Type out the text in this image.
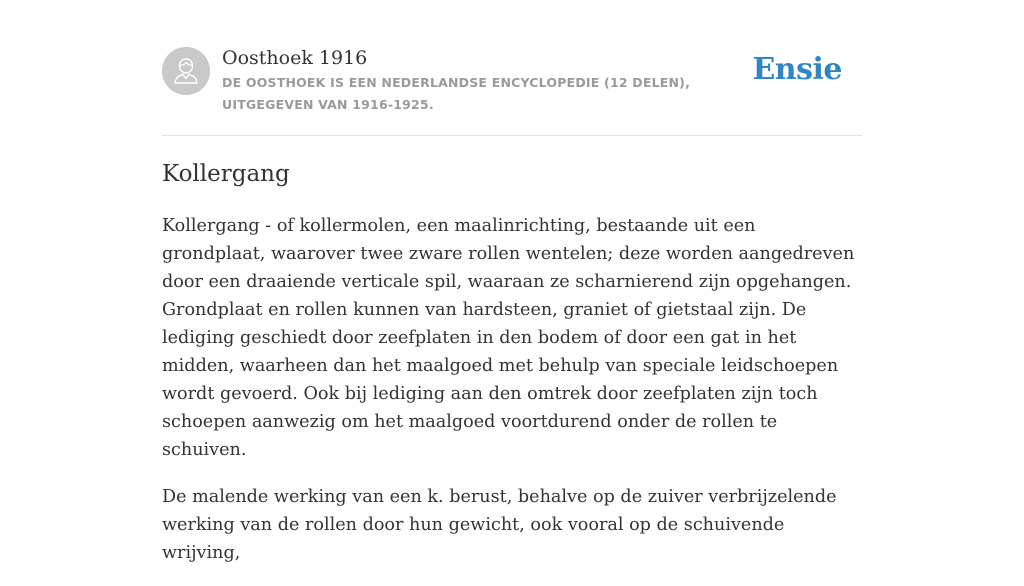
Oosthoek 1916
DE OOSTHOEK IS EEN NEDERLANDSE ENCYCLOPEDIE (12 DELEN), UITGEGEVEN VAN 1916-1925.
Ensie
Kollergang

Kollergang - of kollermolen, een maalinrichting, bestaande uit een grondplaat, waarover twee zware rollen wentelen; deze worden aangedreven door een draaiende verticale spil, waaraan ze scharnierend zijn opgehangen. Grondplaat en rollen kunnen van hardsteen, graniet of gietstaal zijn. De lediging geschiedt door zeefplaten in den bodem of door een gat in het midden, waarheen dan het maalgoed met behulp van speciale leidschoepen wordt gevoerd. Ook bij lediging aan den omtrek door zeefplaten zijn toch schoepen aanwezig om het maalgoed voortdurend onder de rollen te schuiven.

De malende werking van een k. berust, behalve op de zuiver verbrijzelende werking van de rollen door hun gewicht, ook vooral op de schuivende wrijving,
